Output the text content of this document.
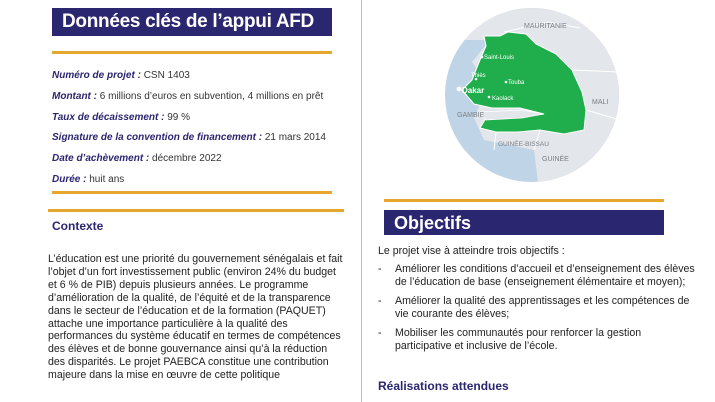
Données clés de l’appui AFD
Numéro de projet : CSN 1403
Montant : 6 millions d’euros en subvention, 4 millions en prêt
Taux de décaissement : 99 %
Signature de la convention de financement : 21 mars 2014
Date d’achèvement : décembre 2022
Durée : huit ans
MAURITANIE
MALI
GAMBIE
GUINÉE-BISSAU
GUINÉE
Saint-Louis
Thiès
Touba
Dakar
Kaolack
Contexte
L’éducation est une priorité du gouvernement sénégalais et fait l’objet d’un fort investissement public (environ 24% du budget et 6 % de PIB) depuis plusieurs années. Le programme d’amélioration de la qualité, de l’équité et de la transparence dans le secteur de l’éducation et de la formation (PAQUET) attache une importance particulière à la qualité des performances du système éducatif en termes de compétences des élèves et de bonne gouvernance ainsi qu’à la réduction des disparités. Le projet PAEBCA constitue une contribution majeure dans la mise en œuvre de cette politique
Objectifs
Le projet vise à atteindre trois objectifs :
- Améliorer les conditions d’accueil et d’enseignement des élèves de l’éducation de base (enseignement élémentaire et moyen);
- Améliorer la qualité des apprentissages et les compétences de vie courante des élèves;
- Mobiliser les communautés pour renforcer la gestion participative et inclusive de l’école.
Réalisations attendues
